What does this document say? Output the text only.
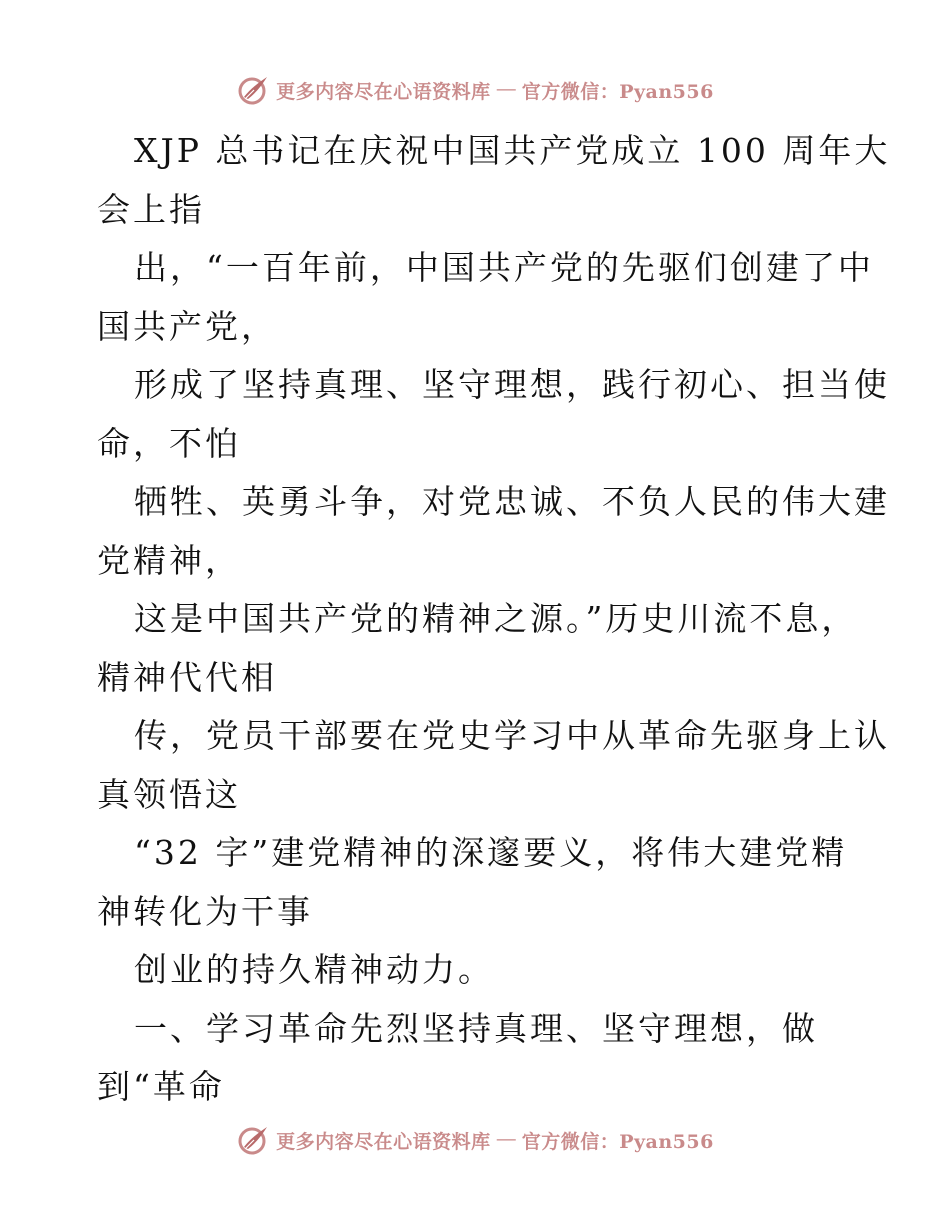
更多内容尽在心语资料库 — 官方微信：Pyan556
XJP 总书记在庆祝中国共产党成立 100 周年大
会上指
出，“一百年前，中国共产党的先驱们创建了中
国共产党，
形成了坚持真理、坚守理想，践行初心、担当使
命，不怕
牺牲、英勇斗争，对党忠诚、不负人民的伟大建
党精神，
这是中国共产党的精神之源。”历史川流不息，
精神代代相
传，党员干部要在党史学习中从革命先驱身上认
真领悟这
“32 字”建党精神的深邃要义，将伟大建党精
神转化为干事
创业的持久精神动力。
一、学习革命先烈坚持真理、坚守理想，做
到“革命
更多内容尽在心语资料库 — 官方微信：Pyan556
